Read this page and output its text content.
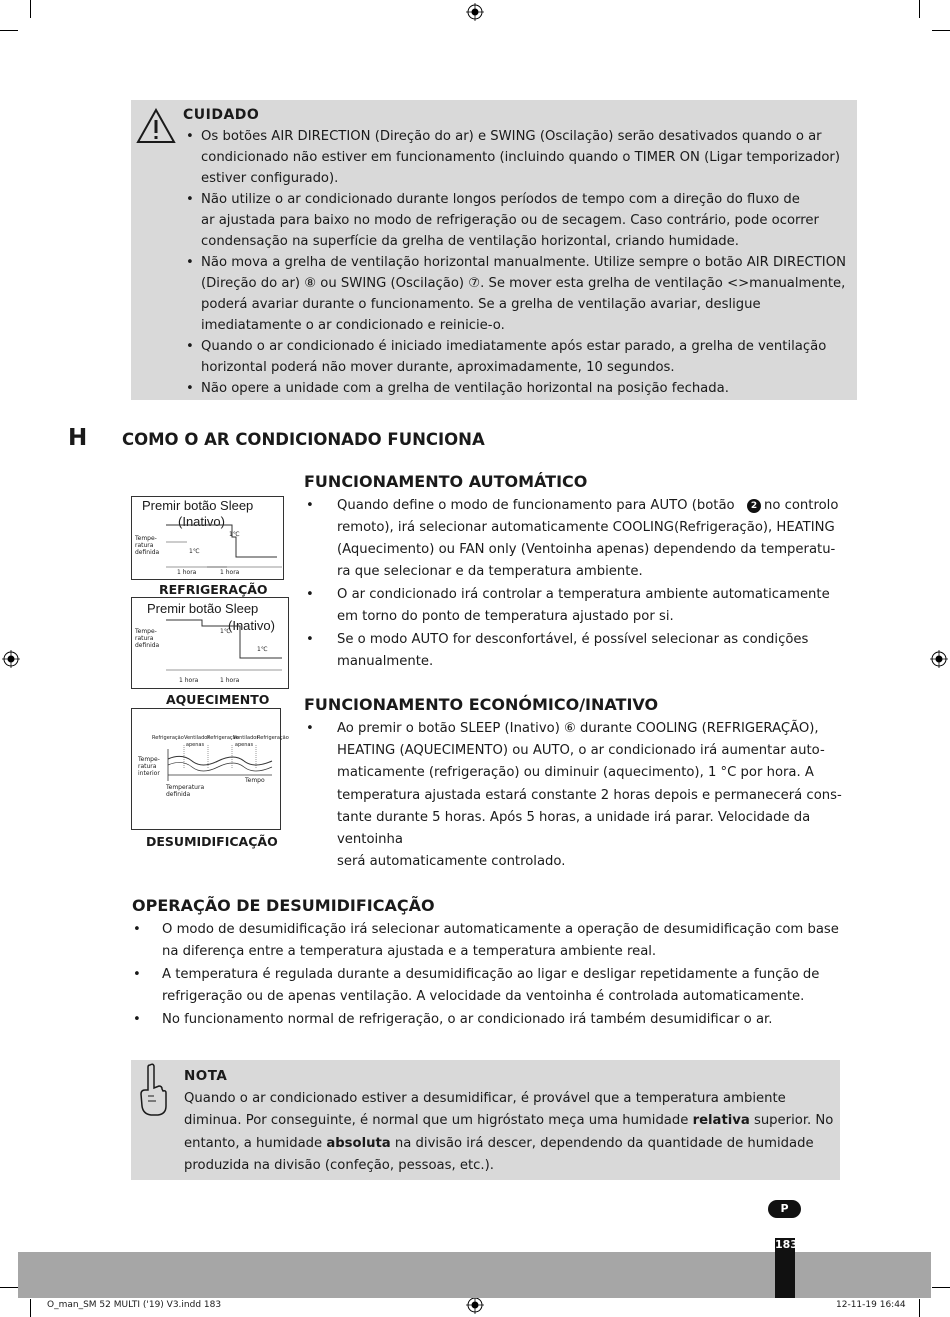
CUIDADO
• Os botões AIR DIRECTION (Direção do ar) e SWING (Oscilação) serão desativados quando o ar
condicionado não estiver em funcionamento (incluindo quando o TIMER ON (Ligar temporizador)
estiver configurado).
• Não utilize o ar condicionado durante longos períodos de tempo com a direção do fluxo de
ar ajustada para baixo no modo de refrigeração ou de secagem. Caso contrário, pode ocorrer
condensação na superfície da grelha de ventilação horizontal, criando humidade.
• Não mova a grelha de ventilação horizontal manualmente. Utilize sempre o botão AIR DIRECTION
(Direção do ar) ⑧ ou SWING (Oscilação) ⑦. Se mover esta grelha de ventilação <>manualmente,
poderá avariar durante o funcionamento. Se a grelha de ventilação avariar, desligue
imediatamente o ar condicionado e reinicie-o.
• Quando o ar condicionado é iniciado imediatamente após estar parado, a grelha de ventilação
horizontal poderá não mover durante, aproximadamente, 10 segundos.
• Não opere a unidade com a grelha de ventilação horizontal na posição fechada.
H COMO O AR CONDICIONADO FUNCIONA
Premir botão Sleep
(Inativo)
Tempe-
ratura
definida
1℃
1℃
1 hora	1 hora
REFRIGERAÇÃO
Premir botão Sleep
(Inativo)
Tempe-
ratura
definida
1℃
1℃
1 hora	1 hora
AQUECIMENTO
Refrigeração Ventilador apenas
Refrigeração
Ventilador apenas
Refrigeração
Tempe-
ratura
interior
Tempo
Temperatura
definida
DESUMIDIFICAÇÃO
FUNCIONAMENTO AUTOMÁTICO
• Quando define o modo de funcionamento para AUTO (botão	2 no controlo
remoto), irá selecionar automaticamente COOLING(Refrigeração), HEATING
(Aquecimento) ou FAN only (Ventoinha apenas) dependendo da temperatu-
ra que selecionar e da temperatura ambiente.
• O ar condicionado irá controlar a temperatura ambiente automaticamente
em torno do ponto de temperatura ajustado por si.
• Se o modo AUTO for desconfortável, é possível selecionar as condições
manualmente.
FUNCIONAMENTO ECONÓMICO/INATIVO
• Ao premir o botão SLEEP (Inativo) ⑥ durante COOLING (REFRIGERAÇÃO),
HEATING (AQUECIMENTO) ou AUTO, o ar condicionado irá aumentar auto-
maticamente (refrigeração) ou diminuir (aquecimento), 1 °C por hora. A
temperatura ajustada estará constante 2 horas depois e permanecerá cons-
tante durante 5 horas. Após 5 horas, a unidade irá parar. Velocidade da
ventoinha
será automaticamente controlado.
OPERAÇÃO DE DESUMIDIFICAÇÃO
• O modo de desumidificação irá selecionar automaticamente a operação de desumidificação com base
na diferença entre a temperatura ajustada e a temperatura ambiente real.
• A temperatura é regulada durante a desumidificação ao ligar e desligar repetidamente a função de
refrigeração ou de apenas ventilação. A velocidade da ventoinha é controlada automaticamente.
• No funcionamento normal de refrigeração, o ar condicionado irá também desumidificar o ar.
NOTA
Quando o ar condicionado estiver a desumidificar, é provável que a temperatura ambiente
diminua. Por conseguinte, é normal que um higróstato meça uma humidade relativa superior. No
entanto, a humidade absoluta na divisão irá descer, dependendo da quantidade de humidade
produzida na divisão (confeção, pessoas, etc.).
P
183
O_man_SM 52 MULTI ('19) V3.indd 183	12-11-19 16:44
